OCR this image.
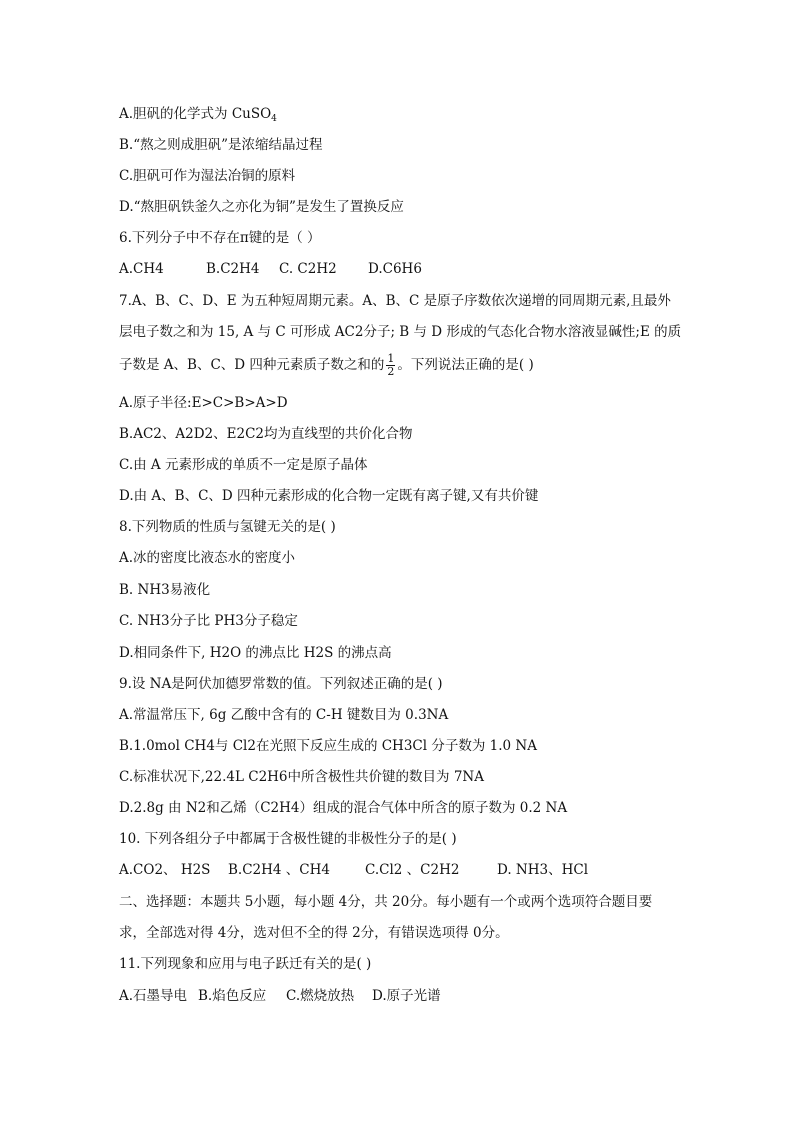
A.胆矾的化学式为 CuSO$_4$
B.“熬之则成胆矾”是浓缩结晶过程
C.胆矾可作为湿法冶铜的原料
D.“熬胆矾铁釜久之亦化为铜”是发生了置换反应
6.下列分子中不存在π键的是（ ）
A.CH4	B.C2H4 C. C2H2 D.C6H6
7.A、B、C、D、E 为五种短周期元素。A、B、C 是原子序数依次递增的同周期元素,且最外
层电子数之和为 15, A 与 C 可形成 AC2分子; B 与 D 形成的气态化合物水溶液显碱性;E 的质
子数是 A、B、C、D 四种元素质子数之和的 $\frac{1}{2}$ 。下列说法正确的是( )
A.原子半径:E>C>B>A>D
B.AC2、A2D2、E2C2均为直线型的共价化合物
C.由 A 元素形成的单质不一定是原子晶体
D.由 A、B、C、D 四种元素形成的化合物一定既有离子键,又有共价键
8.下列物质的性质与氢键无关的是( )
A.冰的密度比液态水的密度小
B. NH3易液化
C. NH3分子比 PH3分子稳定
D.相同条件下, H2O 的沸点比 H2S 的沸点高
9.设 NA是阿伏加德罗常数的值。下列叙述正确的是( )
A.常温常压下, 6g 乙酸中含有的 C-H 键数目为 0.3NA
B.1.0mol CH4与 Cl2在光照下反应生成的 CH3Cl 分子数为 1.0 NA
C.标准状况下,22.4L C2H6中所含极性共价键的数目为 7NA
D.2.8g 由 N2和乙烯（C2H4）组成的混合气体中所含的原子数为 0.2 NA
10. 下列各组分子中都属于含极性键的非极性分子的是( )
A.CO2、 H2S B.C2H4 、CH4	C.Cl2 、C2H2	D. NH3、HCl
二、选择题：本题共 5小题，每小题 4分，共 20分。每小题有一个或两个选项符合题目要
求，全部选对得 4分，选对但不全的得 2分，有错误选项得 0分。
11.下列现象和应用与电子跃迁有关的是( )
A.石墨导电 B.焰色反应 C.燃烧放热 D.原子光谱
